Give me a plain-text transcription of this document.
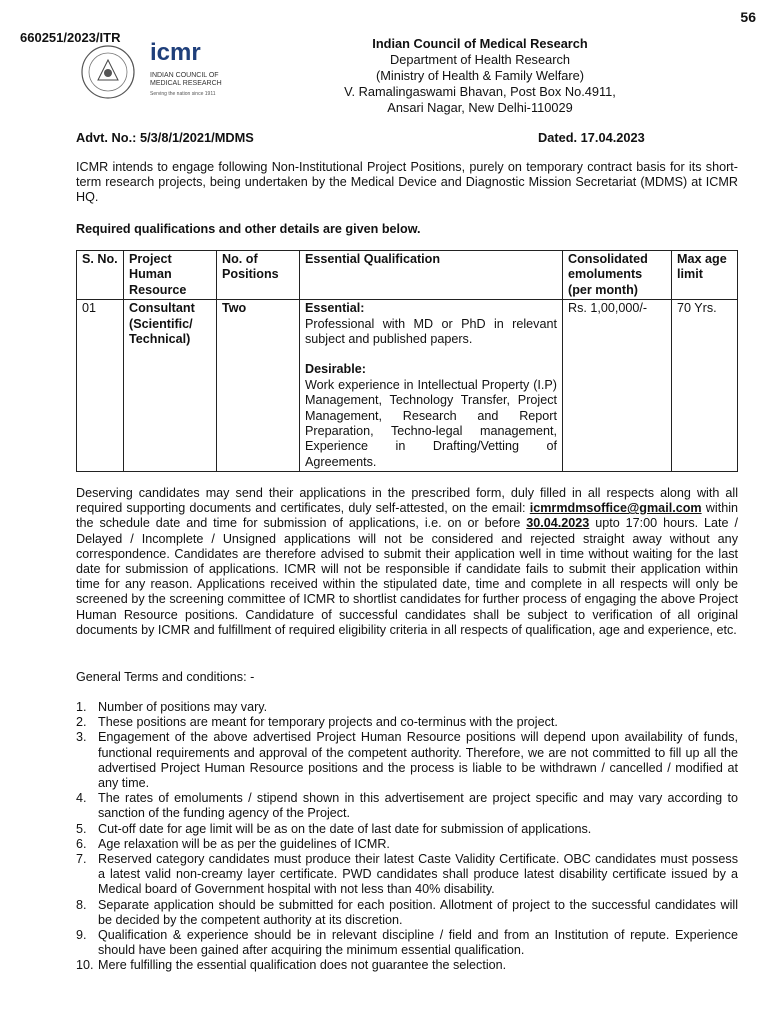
56
660251/2023/ITR
icmr
INDIAN COUNCIL OF
MEDICAL RESEARCH
Serving the nation since 1911
Indian Council of Medical Research
Department of Health Research
(Ministry of Health & Family Welfare)
V. Ramalingaswami Bhavan, Post Box No.4911,
Ansari Nagar, New Delhi-110029
Advt. No.: 5/3/8/1/2021/MDMS	Dated. 17.04.2023
ICMR intends to engage following Non-Institutional Project Positions, purely on temporary contract basis for its short-term research projects, being undertaken by the Medical Device and Diagnostic Mission Secretariat (MDMS) at ICMR HQ.
Required qualifications and other details are given below.
S. No.	Project Human Resource	No. of Positions	Essential Qualification	Consolidated emoluments (per month)	Max age limit
01	Consultant (Scientific/ Technical)	Two	Essential:
Professional with MD or PhD in relevant subject and published papers.
Desirable:
Work experience in Intellectual Property (I.P) Management, Technology Transfer, Project Management, Research and Report Preparation, Techno-legal management, Experience in Drafting/Vetting of Agreements.	Rs. 1,00,000/-	70 Yrs.
Deserving candidates may send their applications in the prescribed form, duly filled in all respects along with all required supporting documents and certificates, duly self-attested, on the email: icmrmdmsoffice@gmail.com within the schedule date and time for submission of applications, i.e. on or before 30.04.2023 upto 17:00 hours. Late / Delayed / Incomplete / Unsigned applications will not be considered and rejected straight away without any correspondence. Candidates are therefore advised to submit their application well in time without waiting for the last date for submission of applications. ICMR will not be responsible if candidate fails to submit their application within time for any reason. Applications received within the stipulated date, time and complete in all respects will only be screened by the screening committee of ICMR to shortlist candidates for further process of engaging the above Project Human Resource positions. Candidature of successful candidates shall be subject to verification of all original documents by ICMR and fulfillment of required eligibility criteria in all respects of qualification, age and experience, etc.
General Terms and conditions: -
1. Number of positions may vary.
2. These positions are meant for temporary projects and co-terminus with the project.
3. Engagement of the above advertised Project Human Resource positions will depend upon availability of funds, functional requirements and approval of the competent authority. Therefore, we are not committed to fill up all the advertised Project Human Resource positions and the process is liable to be withdrawn / cancelled / modified at any time.
4. The rates of emoluments / stipend shown in this advertisement are project specific and may vary according to sanction of the funding agency of the Project.
5. Cut-off date for age limit will be as on the date of last date for submission of applications.
6. Age relaxation will be as per the guidelines of ICMR.
7. Reserved category candidates must produce their latest Caste Validity Certificate. OBC candidates must possess a latest valid non-creamy layer certificate. PWD candidates shall produce latest disability certificate issued by a Medical board of Government hospital with not less than 40% disability.
8. Separate application should be submitted for each position. Allotment of project to the successful candidates will be decided by the competent authority at its discretion.
9. Qualification & experience should be in relevant discipline / field and from an Institution of repute. Experience should have been gained after acquiring the minimum essential qualification.
10. Mere fulfilling the essential qualification does not guarantee the selection.
